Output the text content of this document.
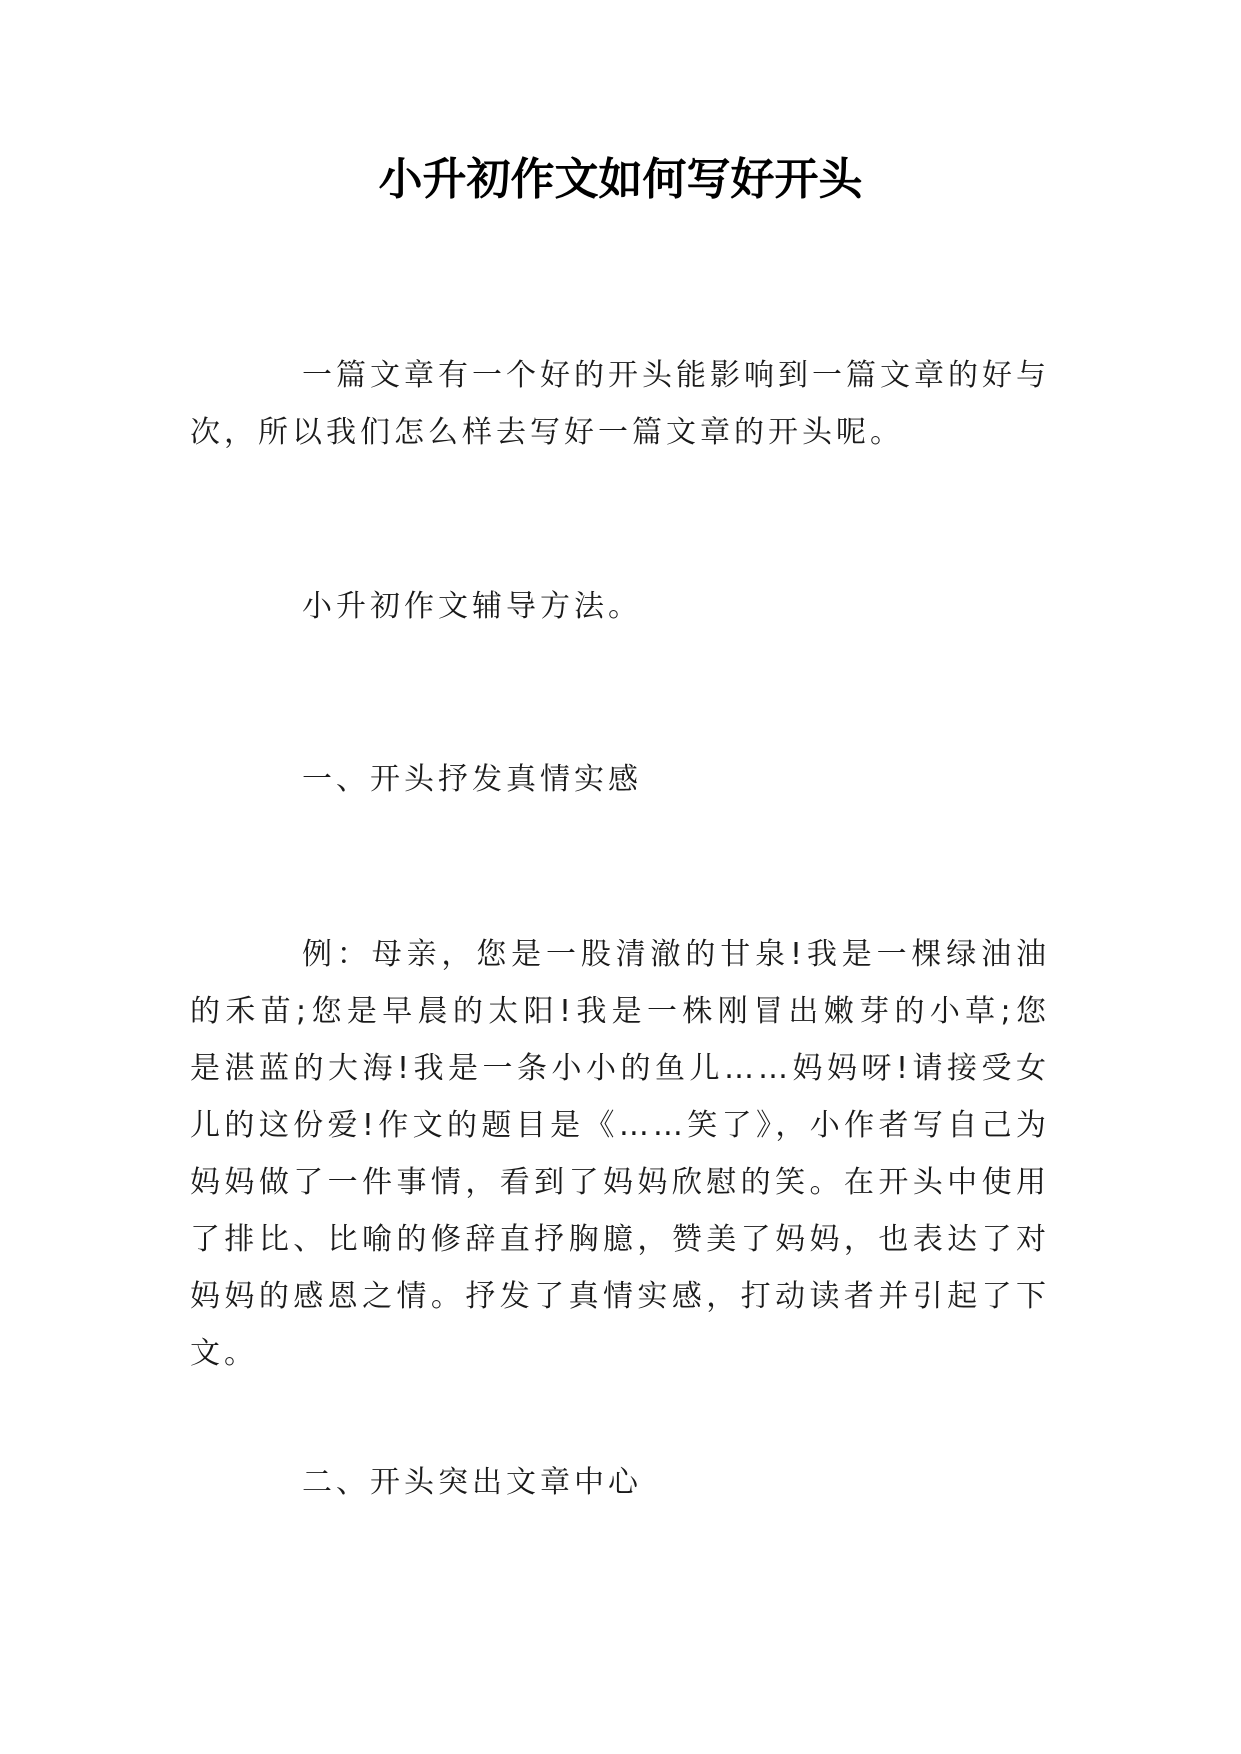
小升初作文如何写好开头

一篇文章有一个好的开头能影响到一篇文章的好与次，所以我们怎么样去写好一篇文章的开头呢。

小升初作文辅导方法。

一、开头抒发真情实感

例：母亲，您是一股清澈的甘泉!我是一棵绿油油的禾苗;您是早晨的太阳!我是一株刚冒出嫩芽的小草;您是湛蓝的大海!我是一条小小的鱼儿……妈妈呀!请接受女儿的这份爱!作文的题目是《……笑了》，小作者写自己为妈妈做了一件事情，看到了妈妈欣慰的笑。在开头中使用了排比、比喻的修辞直抒胸臆，赞美了妈妈，也表达了对妈妈的感恩之情。抒发了真情实感，打动读者并引起了下文。

二、开头突出文章中心
